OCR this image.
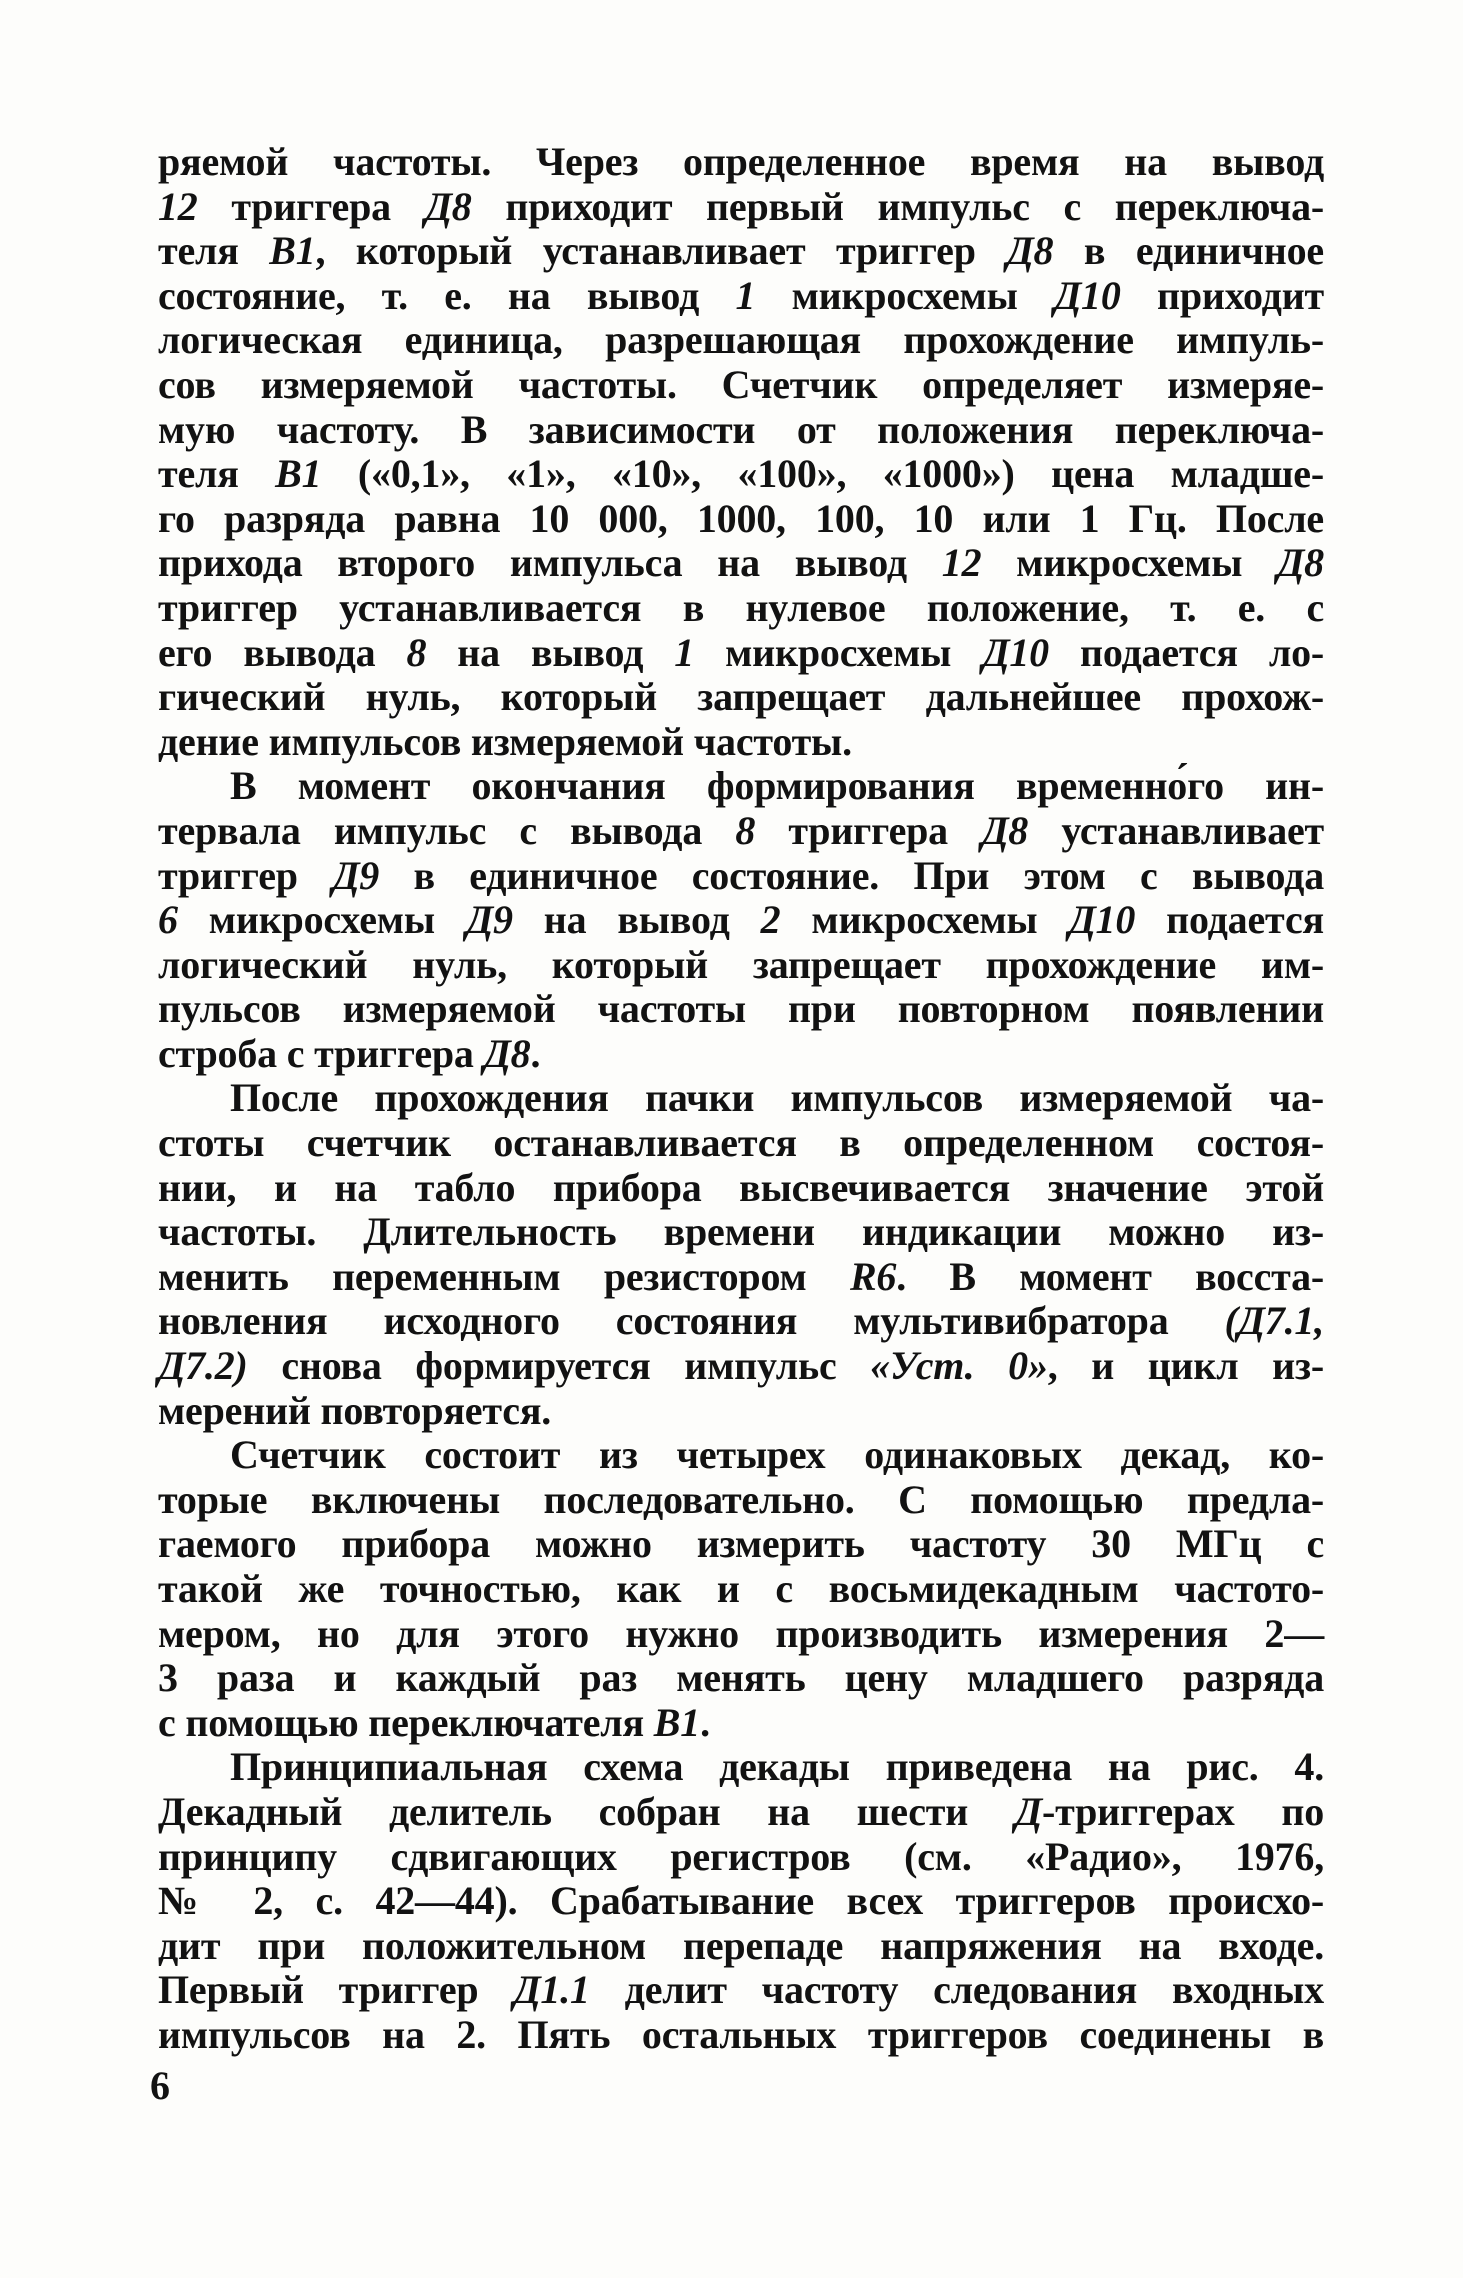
ряемой частоты. Через определенное время на вывод
12 триггера Д8 приходит первый импульс с переключа-
теля В1, который устанавливает триггер Д8 в единичное
состояние, т. е. на вывод 1 микросхемы Д10 приходит
логическая единица, разрешающая прохождение импуль-
сов измеряемой частоты. Счетчик определяет измеряе-
мую частоту. В зависимости от положения переключа-
теля В1 («0,1», «1», «10», «100», «1000») цена младше-
го разряда равна 10 000, 1000, 100, 10 или 1 Гц. После
прихода второго импульса на вывод 12 микросхемы Д8
триггер устанавливается в нулевое положение, т. е. с
его вывода 8 на вывод 1 микросхемы Д10 подается ло-
гический нуль, который запрещает дальнейшее прохож-
дение импульсов измеряемой частоты.
В момент окончания формирования временно́го ин-
тервала импульс с вывода 8 триггера Д8 устанавливает
триггер Д9 в единичное состояние. При этом с вывода
6 микросхемы Д9 на вывод 2 микросхемы Д10 подается
логический нуль, который запрещает прохождение им-
пульсов измеряемой частоты при повторном появлении
строба с триггера Д8.
После прохождения пачки импульсов измеряемой ча-
стоты счетчик останавливается в определенном состоя-
нии, и на табло прибора высвечивается значение этой
частоты. Длительность времени индикации можно из-
менить переменным резистором R6. В момент восста-
новления исходного состояния мультивибратора (Д7.1,
Д7.2) снова формируется импульс «Уст. 0», и цикл из-
мерений повторяется.
Счетчик состоит из четырех одинаковых декад, ко-
торые включены последовательно. С помощью предла-
гаемого прибора можно измерить частоту 30 МГц с
такой же точностью, как и с восьмидекадным частото-
мером, но для этого нужно производить измерения 2—
3 раза и каждый раз менять цену младшего разряда
с помощью переключателя В1.
Принципиальная схема декады приведена на рис. 4.
Декадный делитель собран на шести Д-триггерах по
принципу сдвигающих регистров (см. «Радио», 1976,
№ 2, с. 42—44). Срабатывание всех триггеров происхо-
дит при положительном перепаде напряжения на входе.
Первый триггер Д1.1 делит частоту следования входных
импульсов на 2. Пять остальных триггеров соединены в
6
